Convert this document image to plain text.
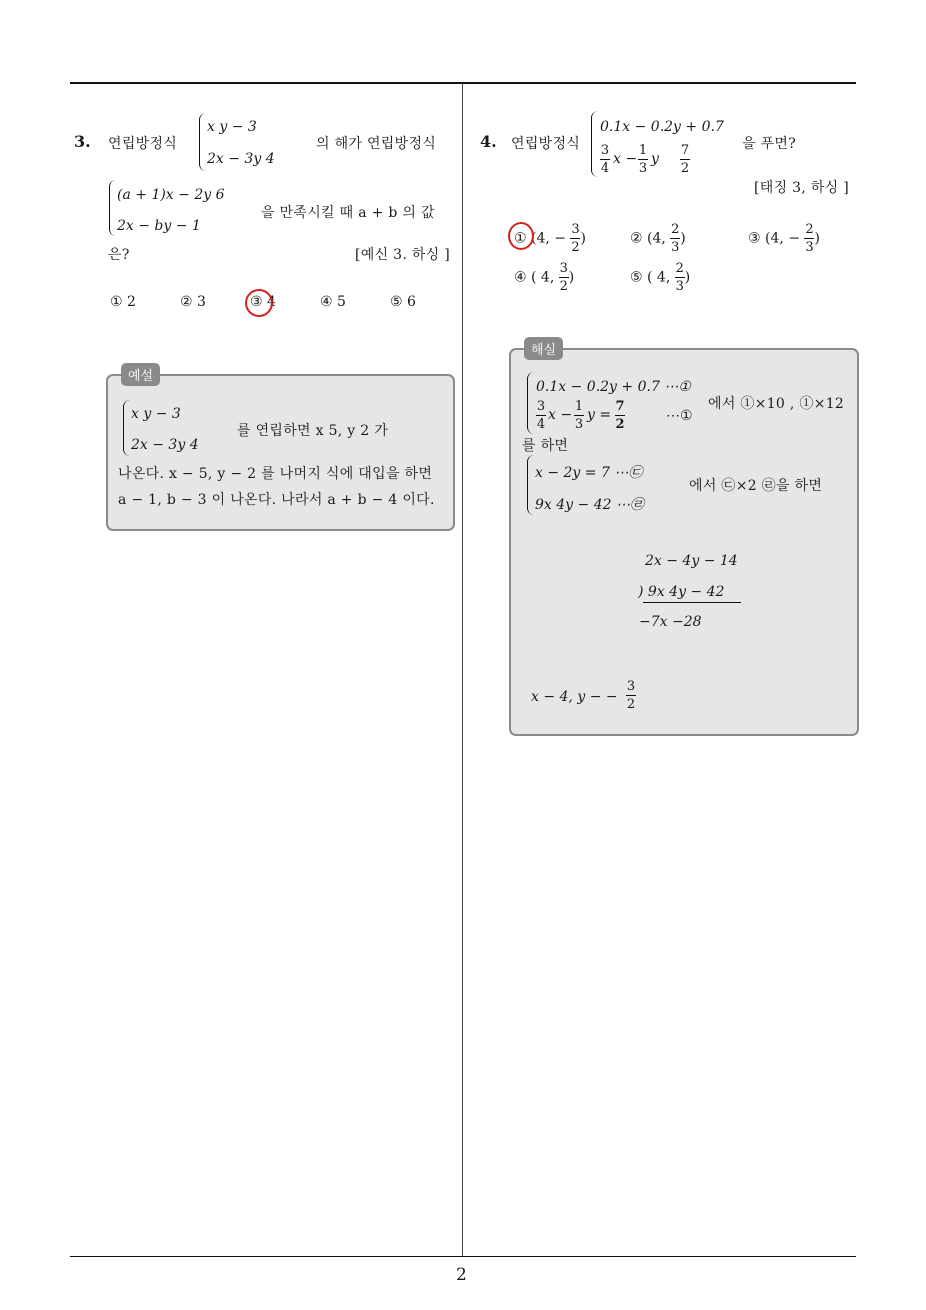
2
3. 연립방정식
x y − 3
2x − 3y 4
의 해가 연립방정식
(a + 1)x − 2y 6
2x − by − 1
을 만족시킬 때 a + b 의 값
은?	[예신 3. 하싱 ]
① 2	② 3	③ 4	④ 5	⑤ 6
예설
x y − 3
2x − 3y 4
를 연립하면 x 5, y 2 가
나온다. x − 5, y − 2 를 나머지 식에 대입을 하면
a − 1, b − 3 이 나온다. 나라서 a + b − 4 이다.
4. 연립방정식
0.1x − 0.2y + 0.7
3
4
x −
1
3
y
7
2
을 푸면?
[태징 3, 하싱 ]
① (4, − $\frac{3}{2}$ )	② (4, $\frac{2}{3}$ )	③ (4, − $\frac{2}{3}$ )
④ ( 4, $\frac{3}{2}$ )	⑤ ( 4, $\frac{2}{3}$ )
해실
0.1x − 0.2y + 0.7 ⋯①
3
4
x −
1
3
y =
7
2
⋯①
에서 ①×10 , ①×12
를 하면
x − 2y = 7 ⋯㉢
9x 4y − 42 ⋯㉣
에서 ㉢×2 ㉣을 하면
2x − 4y − 14
) 9x 4y − 42
−7x −28
x − 4, y − −
3
2
